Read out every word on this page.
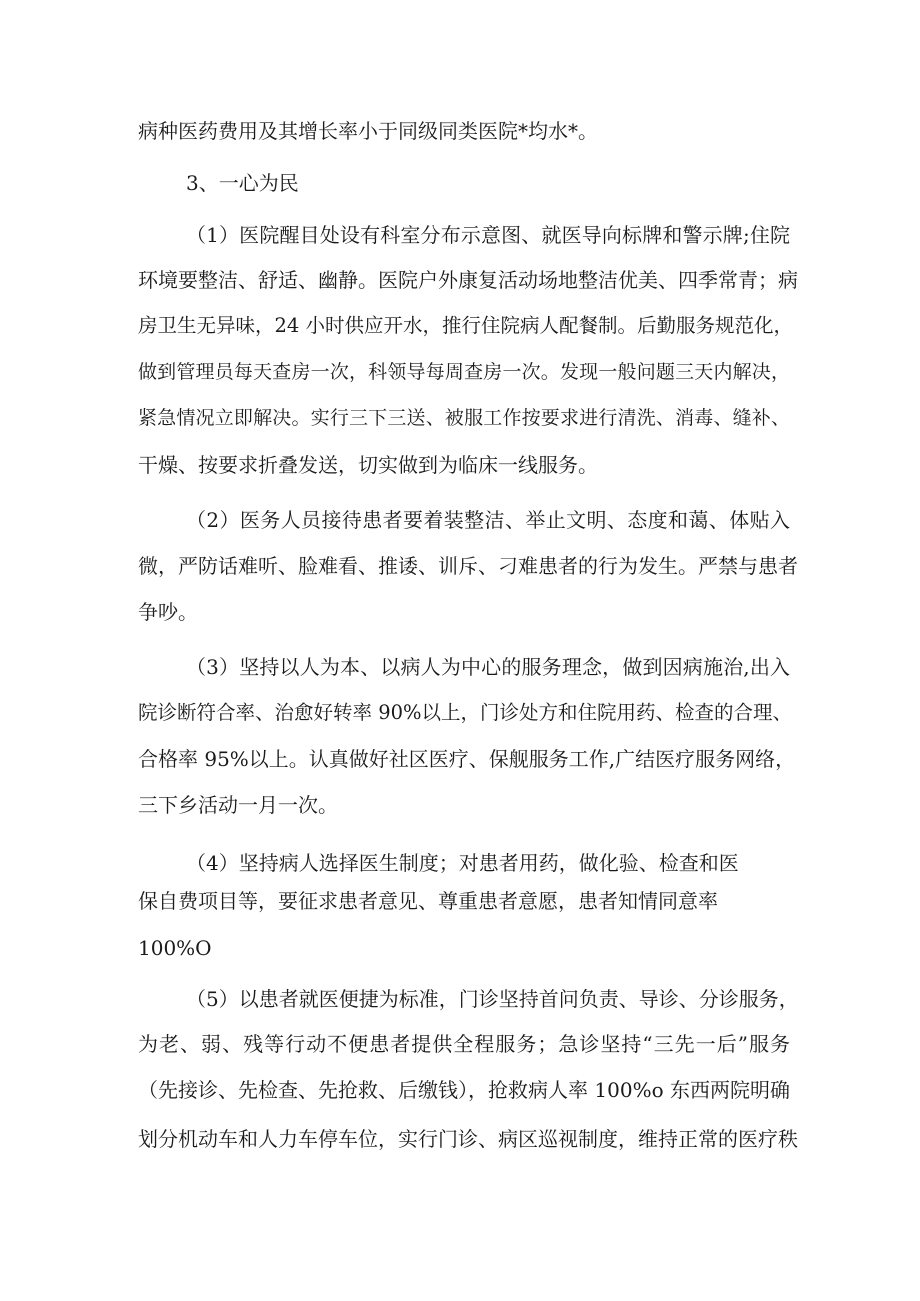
病种医药费用及其增长率小于同级同类医院*均水*。
3、一心为民
（1）医院醒目处设有科室分布示意图、就医导向标牌和警示牌;住院
环境要整洁、舒适、幽静。医院户外康复活动场地整洁优美、四季常青；病
房卫生无异味，24 小时供应开水，推行住院病人配餐制。后勤服务规范化，
做到管理员每天查房一次，科领导每周查房一次。发现一般问题三天内解决，
紧急情况立即解决。实行三下三送、被服工作按要求进行清洗、消毒、缝补、
干燥、按要求折叠发送，切实做到为临床一线服务。
（2）医务人员接待患者要着装整洁、举止文明、态度和蔼、体贴入
微，严防话难听、脸难看、推诿、训斥、刁难患者的行为发生。严禁与患者
争吵。
（3）坚持以人为本、以病人为中心的服务理念，做到因病施治,出入
院诊断符合率、治愈好转率 90%以上，门诊处方和住院用药、检查的合理、
合格率 95%以上。认真做好社区医疗、保舰服务工作,广结医疗服务网络，
三下乡活动一月一次。
（4）坚持病人选择医生制度；对患者用药，做化验、检查和医
保自费项目等，要征求患者意见、尊重患者意愿，患者知情同意率
100%O
（5）以患者就医便捷为标准，门诊坚持首问负责、导诊、分诊服务，
为老、弱、残等行动不便患者提供全程服务；急诊坚持“三先一后”服务
（先接诊、先检查、先抢救、后缴钱），抢救病人率 100%o 东西两院明确
划分机动车和人力车停车位，实行门诊、病区巡视制度，维持正常的医疗秩
